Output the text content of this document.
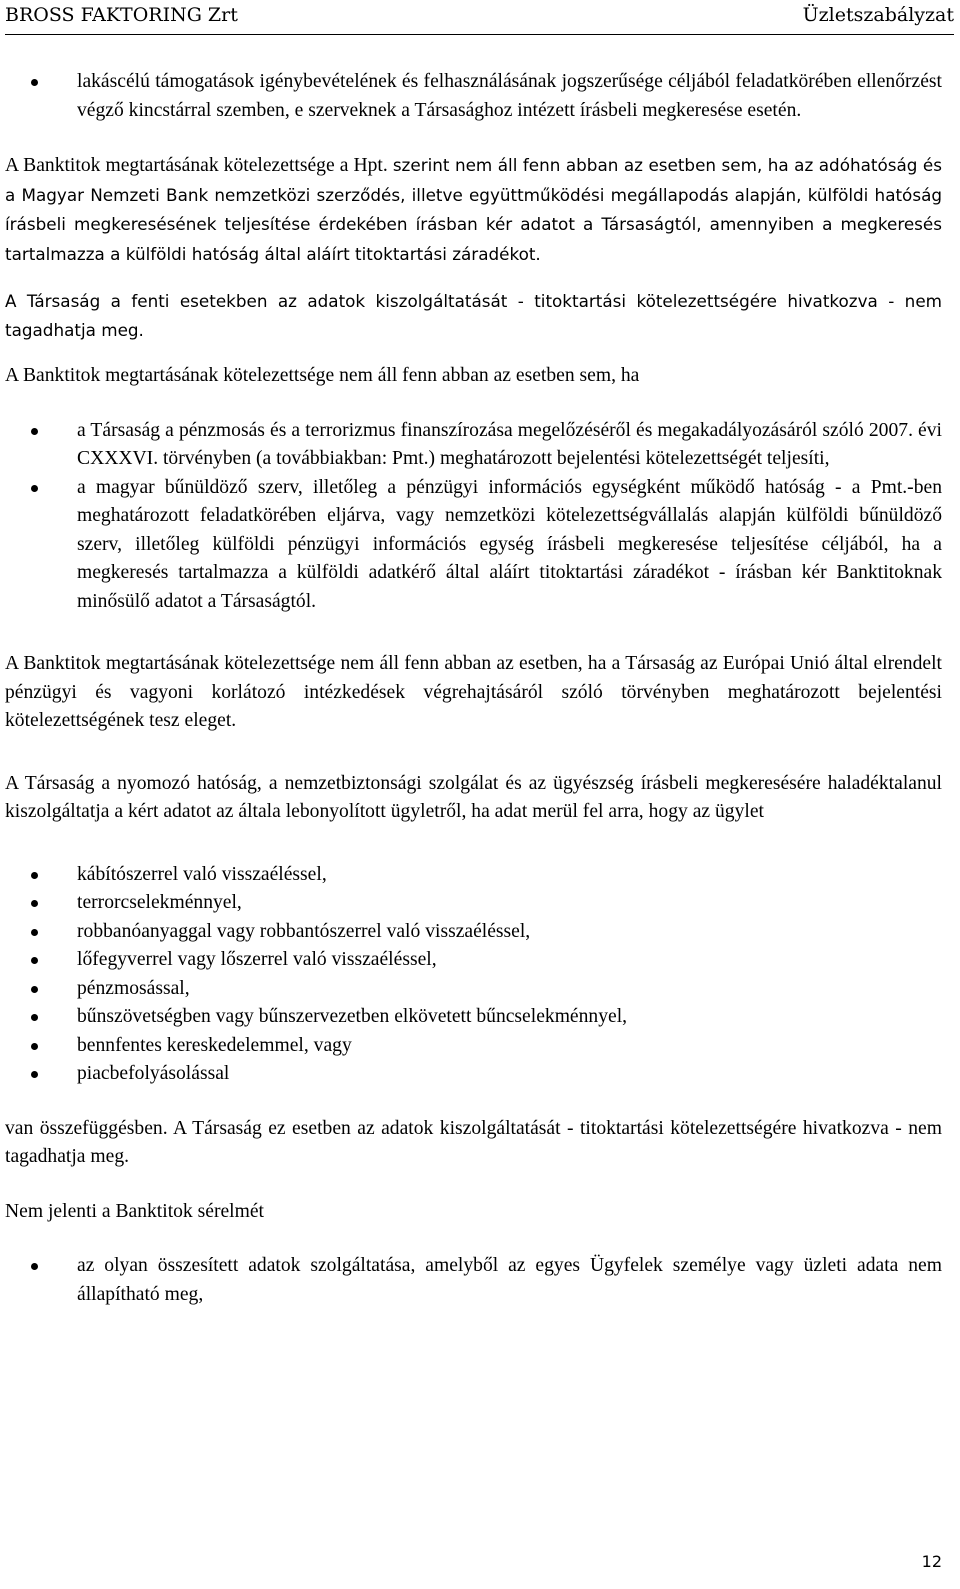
BROSS FAKTORING Zrt	Üzletszabályzat
lakáscélú támogatások igénybevételének és felhasználásának jogszerűsége céljából feladatkörében ellenőrzést végző kincstárral szemben, e szerveknek a Társasághoz intézett írásbeli megkeresése esetén.

A Banktitok megtartásának kötelezettsége a Hpt. szerint nem áll fenn abban az esetben sem, ha az adóhatóság és a Magyar Nemzeti Bank nemzetközi szerződés, illetve együttműködési megállapodás alapján, külföldi hatóság írásbeli megkeresésének teljesítése érdekében írásban kér adatot a Társaságtól, amennyiben a megkeresés tartalmazza a külföldi hatóság által aláírt titoktartási záradékot.

A Társaság a fenti esetekben az adatok kiszolgáltatását - titoktartási kötelezettségére hivatkozva - nem tagadhatja meg.

A Banktitok megtartásának kötelezettsége nem áll fenn abban az esetben sem, ha

a Társaság a pénzmosás és a terrorizmus finanszírozása megelőzéséről és megakadályozásáról szóló 2007. évi CXXXVI. törvényben (a továbbiakban: Pmt.) meghatározott bejelentési kötelezettségét teljesíti,
a magyar bűnüldöző szerv, illetőleg a pénzügyi információs egységként működő hatóság - a Pmt.-ben meghatározott feladatkörében eljárva, vagy nemzetközi kötelezettségvállalás alapján külföldi bűnüldöző szerv, illetőleg külföldi pénzügyi információs egység írásbeli megkeresése teljesítése céljából, ha a megkeresés tartalmazza a külföldi adatkérő által aláírt titoktartási záradékot - írásban kér Banktitoknak minősülő adatot a Társaságtól.

A Banktitok megtartásának kötelezettsége nem áll fenn abban az esetben, ha a Társaság az Európai Unió által elrendelt pénzügyi és vagyoni korlátozó intézkedések végrehajtásáról szóló törvényben meghatározott bejelentési kötelezettségének tesz eleget.

A Társaság a nyomozó hatóság, a nemzetbiztonsági szolgálat és az ügyészség írásbeli megkeresésére haladéktalanul kiszolgáltatja a kért adatot az általa lebonyolított ügyletről, ha adat merül fel arra, hogy az ügylet

kábítószerrel való visszaéléssel,
terrorcselekménnyel,
robbanóanyaggal vagy robbantószerrel való visszaéléssel,
lőfegyverrel vagy lőszerrel való visszaéléssel,
pénzmosással,
bűnszövetségben vagy bűnszervezetben elkövetett bűncselekménnyel,
bennfentes kereskedelemmel, vagy
piacbefolyásolással

van összefüggésben. A Társaság ez esetben az adatok kiszolgáltatását - titoktartási kötelezettségére hivatkozva - nem tagadhatja meg.

Nem jelenti a Banktitok sérelmét

az olyan összesített adatok szolgáltatása, amelyből az egyes Ügyfelek személye vagy üzleti adata nem állapítható meg,
12
